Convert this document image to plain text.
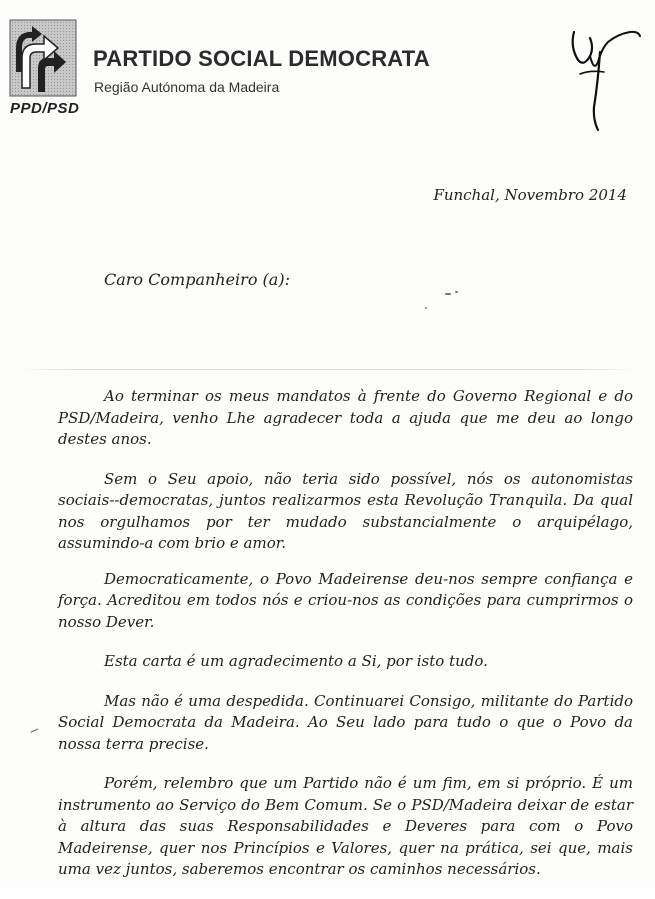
PPD/PSD
PARTIDO SOCIAL DEMOCRATA
Região Autónoma da Madeira
Funchal, Novembro 2014
Caro Companheiro (a):

Ao terminar os meus mandatos à frente do Governo Regional e do PSD/Madeira, venho Lhe agradecer toda a ajuda que me deu ao longo destes anos.

Sem o Seu apoio, não teria sido possível, nós os autonomistas sociais--democratas, juntos realizarmos esta Revolução Tranquila. Da qual nos orgulhamos por ter mudado substancialmente o arquipélago, assumindo-a com brio e amor.

Democraticamente, o Povo Madeirense deu-nos sempre confiança e força. Acreditou em todos nós e criou-nos as condições para cumprirmos o nosso Dever.

Esta carta é um agradecimento a Si, por isto tudo.

Mas não é uma despedida. Continuarei Consigo, militante do Partido Social Democrata da Madeira. Ao Seu lado para tudo o que o Povo da nossa terra precise.

Porém, relembro que um Partido não é um fim, em si próprio. É um instrumento ao Serviço do Bem Comum. Se o PSD/Madeira deixar de estar à altura das suas Responsabilidades e Deveres para com o Povo Madeirense, quer nos Princípios e Valores, quer na prática, sei que, mais uma vez juntos, saberemos encontrar os caminhos necessários.
